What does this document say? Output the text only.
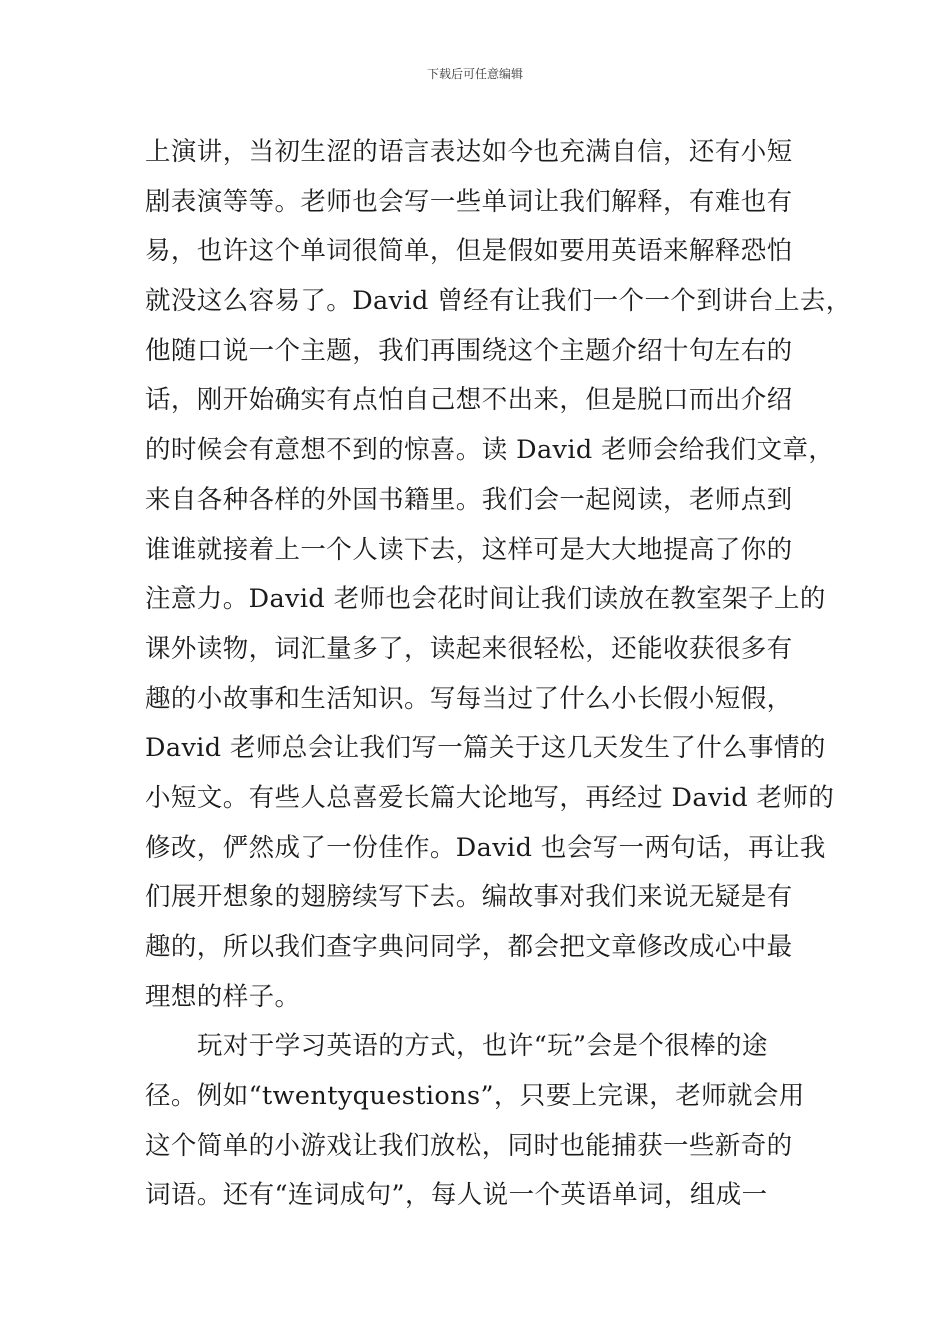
下载后可任意编辑
上演讲，当初生涩的语言表达如今也充满自信，还有小短
剧表演等等。老师也会写一些单词让我们解释，有难也有
易，也许这个单词很简单，但是假如要用英语来解释恐怕
就没这么容易了。David 曾经有让我们一个一个到讲台上去，
他随口说一个主题，我们再围绕这个主题介绍十句左右的
话，刚开始确实有点怕自己想不出来，但是脱口而出介绍
的时候会有意想不到的惊喜。读 David 老师会给我们文章，
来自各种各样的外国书籍里。我们会一起阅读，老师点到
谁谁就接着上一个人读下去，这样可是大大地提高了你的
注意力。David 老师也会花时间让我们读放在教室架子上的
课外读物，词汇量多了，读起来很轻松，还能收获很多有
趣的小故事和生活知识。写每当过了什么小长假小短假，
David 老师总会让我们写一篇关于这几天发生了什么事情的
小短文。有些人总喜爱长篇大论地写，再经过 David 老师的
修改，俨然成了一份佳作。David 也会写一两句话，再让我
们展开想象的翅膀续写下去。编故事对我们来说无疑是有
趣的，所以我们查字典问同学，都会把文章修改成心中最
理想的样子。
玩对于学习英语的方式，也许“玩”会是个很棒的途
径。例如“twentyquestions”，只要上完课，老师就会用
这个简单的小游戏让我们放松，同时也能捕获一些新奇的
词语。还有“连词成句”，每人说一个英语单词，组成一
